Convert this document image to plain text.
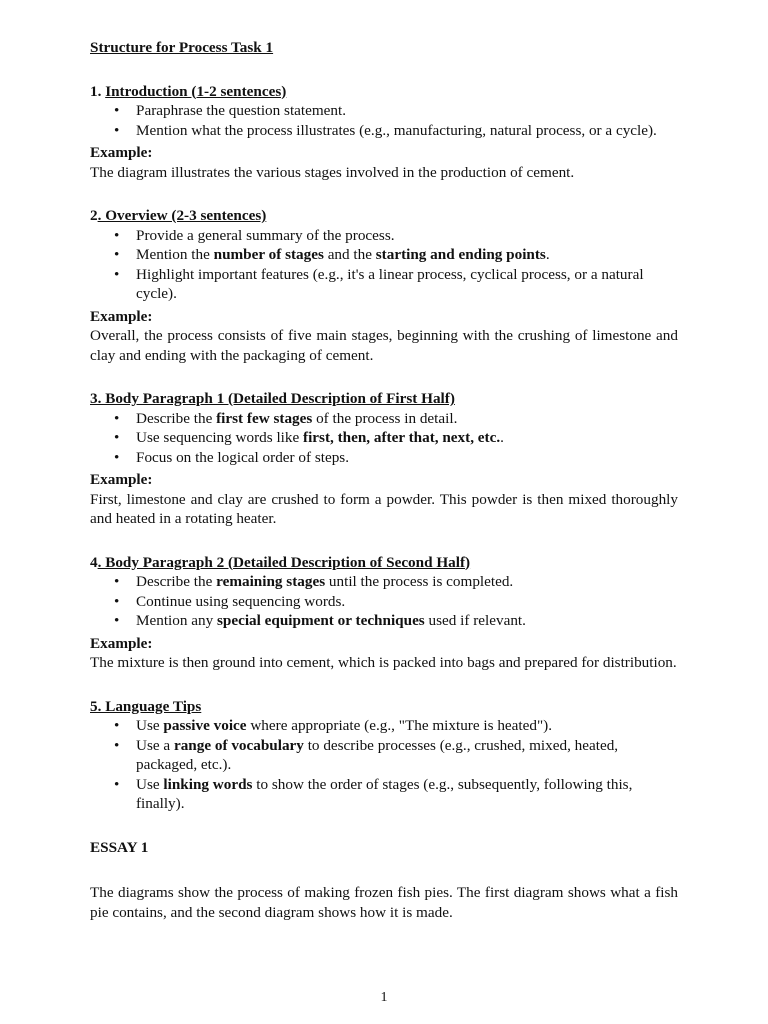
Structure for Process Task 1
1. Introduction (1-2 sentences)
• Paraphrase the question statement.
• Mention what the process illustrates (e.g., manufacturing, natural process, or a cycle).
Example:
The diagram illustrates the various stages involved in the production of cement.
2. Overview (2-3 sentences)
• Provide a general summary of the process.
• Mention the number of stages and the starting and ending points.
• Highlight important features (e.g., it's a linear process, cyclical process, or a natural cycle).
Example:
Overall, the process consists of five main stages, beginning with the crushing of limestone and clay and ending with the packaging of cement.
3. Body Paragraph 1 (Detailed Description of First Half)
• Describe the first few stages of the process in detail.
• Use sequencing words like first, then, after that, next, etc..
• Focus on the logical order of steps.
Example:
First, limestone and clay are crushed to form a powder. This powder is then mixed thoroughly and heated in a rotating heater.
4. Body Paragraph 2 (Detailed Description of Second Half)
• Describe the remaining stages until the process is completed.
• Continue using sequencing words.
• Mention any special equipment or techniques used if relevant.
Example:
The mixture is then ground into cement, which is packed into bags and prepared for distribution.
5. Language Tips
• Use passive voice where appropriate (e.g., "The mixture is heated").
• Use a range of vocabulary to describe processes (e.g., crushed, mixed, heated, packaged, etc.).
• Use linking words to show the order of stages (e.g., subsequently, following this, finally).
ESSAY 1
The diagrams show the process of making frozen fish pies. The first diagram shows what a fish pie contains, and the second diagram shows how it is made.
1
